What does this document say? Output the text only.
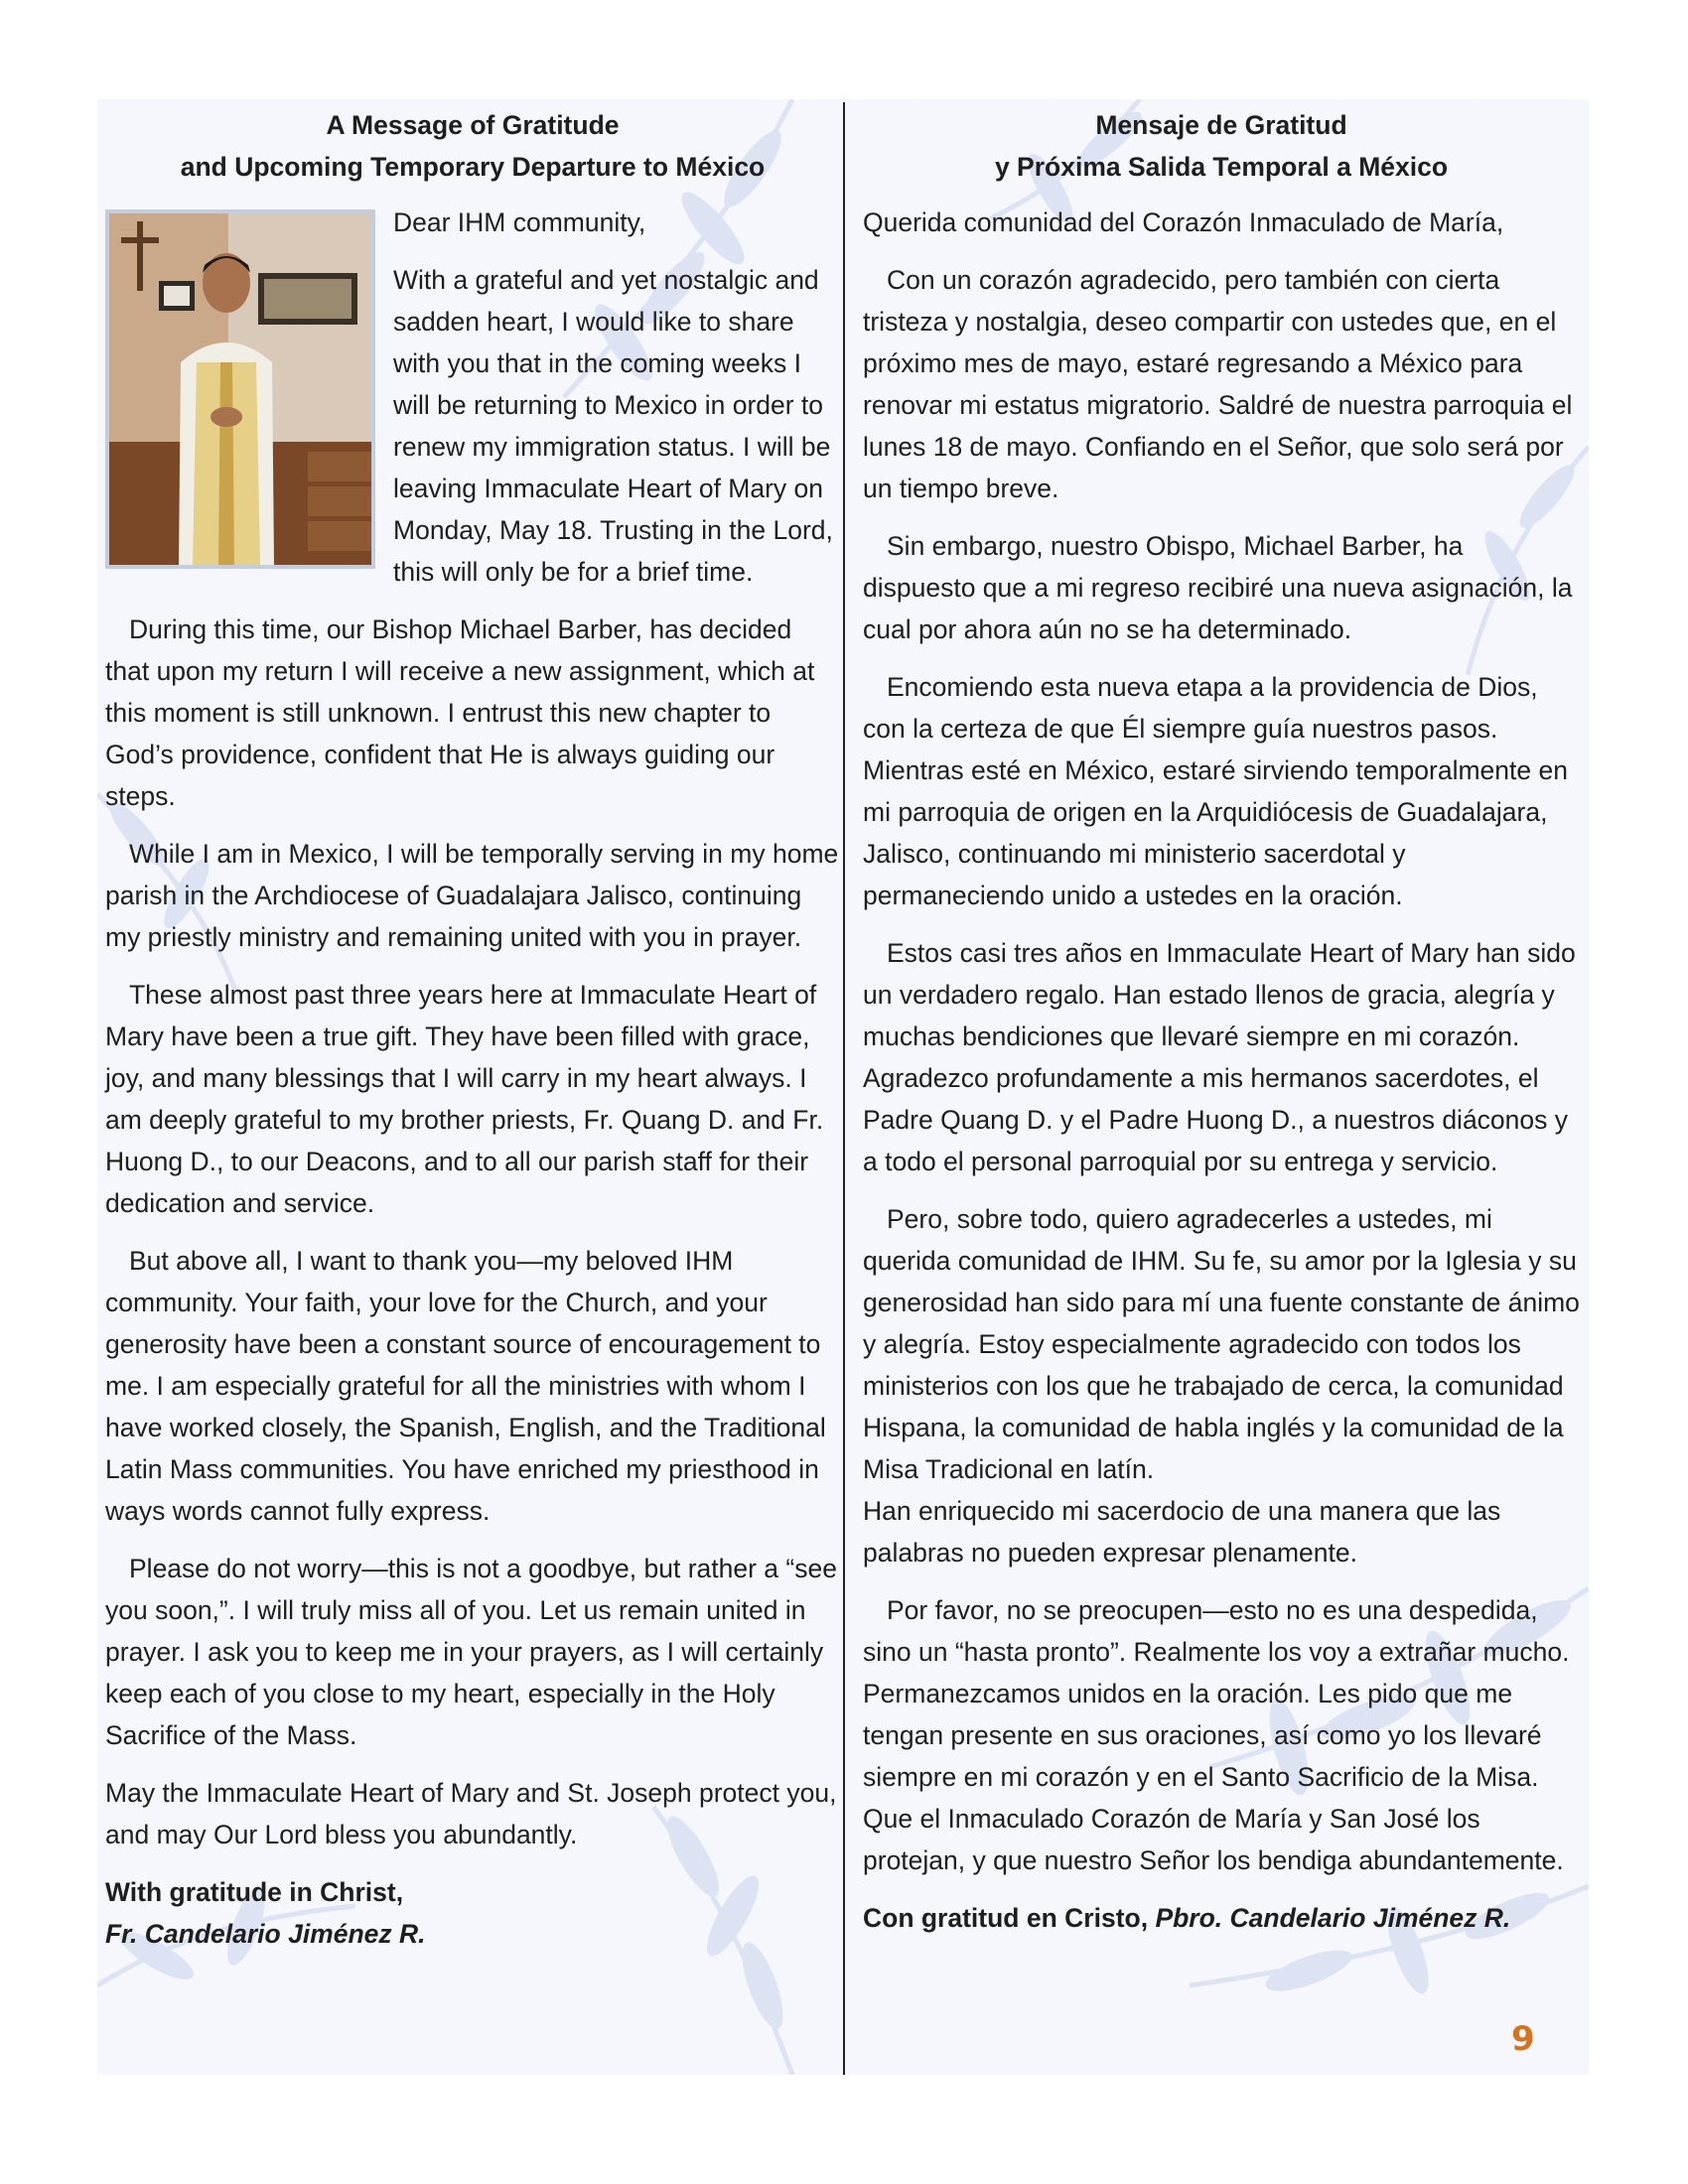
A Message of Gratitude
and Upcoming Temporary Departure to México

Dear IHM community,

With a grateful and yet nostalgic and sadden heart, I would like to share with you that in the coming weeks I will be returning to Mexico in order to renew my immigration status. I will be leaving Immaculate Heart of Mary on Monday, May 18. Trusting in the Lord,

this will only be for a brief time.

During this time, our Bishop Michael Barber, has decided that upon my return I will receive a new assignment, which at this moment is still unknown. I entrust this new chapter to God’s providence, confident that He is always guiding our steps.

While I am in Mexico, I will be temporally serving in my home parish in the Archdiocese of Guadalajara Jalisco, continuing my priestly ministry and remaining united with you in prayer.

These almost past three years here at Immaculate Heart of Mary have been a true gift. They have been filled with grace, joy, and many blessings that I will carry in my heart always. I am deeply grateful to my brother priests, Fr. Quang D. and Fr. Huong D., to our Deacons, and to all our parish staff for their dedication and service.

But above all, I want to thank you—my beloved IHM community. Your faith, your love for the Church, and your generosity have been a constant source of encouragement to me. I am especially grateful for all the ministries with whom I have worked closely, the Spanish, English, and the Traditional Latin Mass communities. You have enriched my priesthood in ways words cannot fully express.

Please do not worry—this is not a goodbye, but rather a “see you soon,”. I will truly miss all of you. Let us remain united in prayer. I ask you to keep me in your prayers, as I will certainly keep each of you close to my heart, especially in the Holy Sacrifice of the Mass.

May the Immaculate Heart of Mary and St. Joseph protect you, and may Our Lord bless you abundantly.

With gratitude in Christ,
Fr. Candelario Jiménez R.
Mensaje de Gratitud
y Próxima Salida Temporal a México

Querida comunidad del Corazón Inmaculado de María,

Con un corazón agradecido, pero también con cierta tristeza y nostalgia, deseo compartir con ustedes que, en el próximo mes de mayo, estaré regresando a México para renovar mi estatus migratorio. Saldré de nuestra parroquia el lunes 18 de mayo. Confiando en el Señor, que solo será por un tiempo breve.

Sin embargo, nuestro Obispo, Michael Barber, ha dispuesto que a mi regreso recibiré una nueva asignación, la cual por ahora aún no se ha determinado.

Encomiendo esta nueva etapa a la providencia de Dios, con la certeza de que Él siempre guía nuestros pasos. Mientras esté en México, estaré sirviendo temporalmente en mi parroquia de origen en la Arquidiócesis de Guadalajara, Jalisco, continuando mi ministerio sacerdotal y permaneciendo unido a ustedes en la oración.

Estos casi tres años en Immaculate Heart of Mary han sido un verdadero regalo. Han estado llenos de gracia, alegría y muchas bendiciones que llevaré siempre en mi corazón. Agradezco profundamente a mis hermanos sacerdotes, el Padre Quang D. y el Padre Huong D., a nuestros diáconos y a todo el personal parroquial por su entrega y servicio.

Pero, sobre todo, quiero agradecerles a ustedes, mi querida comunidad de IHM. Su fe, su amor por la Iglesia y su generosidad han sido para mí una fuente constante de ánimo y alegría. Estoy especialmente agradecido con todos los ministerios con los que he trabajado de cerca, la comunidad Hispana, la comunidad de habla inglés y la comunidad de la Misa Tradicional en latín.

Han enriquecido mi sacerdocio de una manera que las palabras no pueden expresar plenamente.

Por favor, no se preocupen—esto no es una despedida, sino un “hasta pronto”. Realmente los voy a extrañar mucho. Permanezcamos unidos en la oración. Les pido que me tengan presente en sus oraciones, así como yo los llevaré siempre en mi corazón y en el Santo Sacrificio de la Misa. Que el Inmaculado Corazón de María y San José los protejan, y que nuestro Señor los bendiga abundantemente.

Con gratitud en Cristo, Pbro. Candelario Jiménez R.
9
